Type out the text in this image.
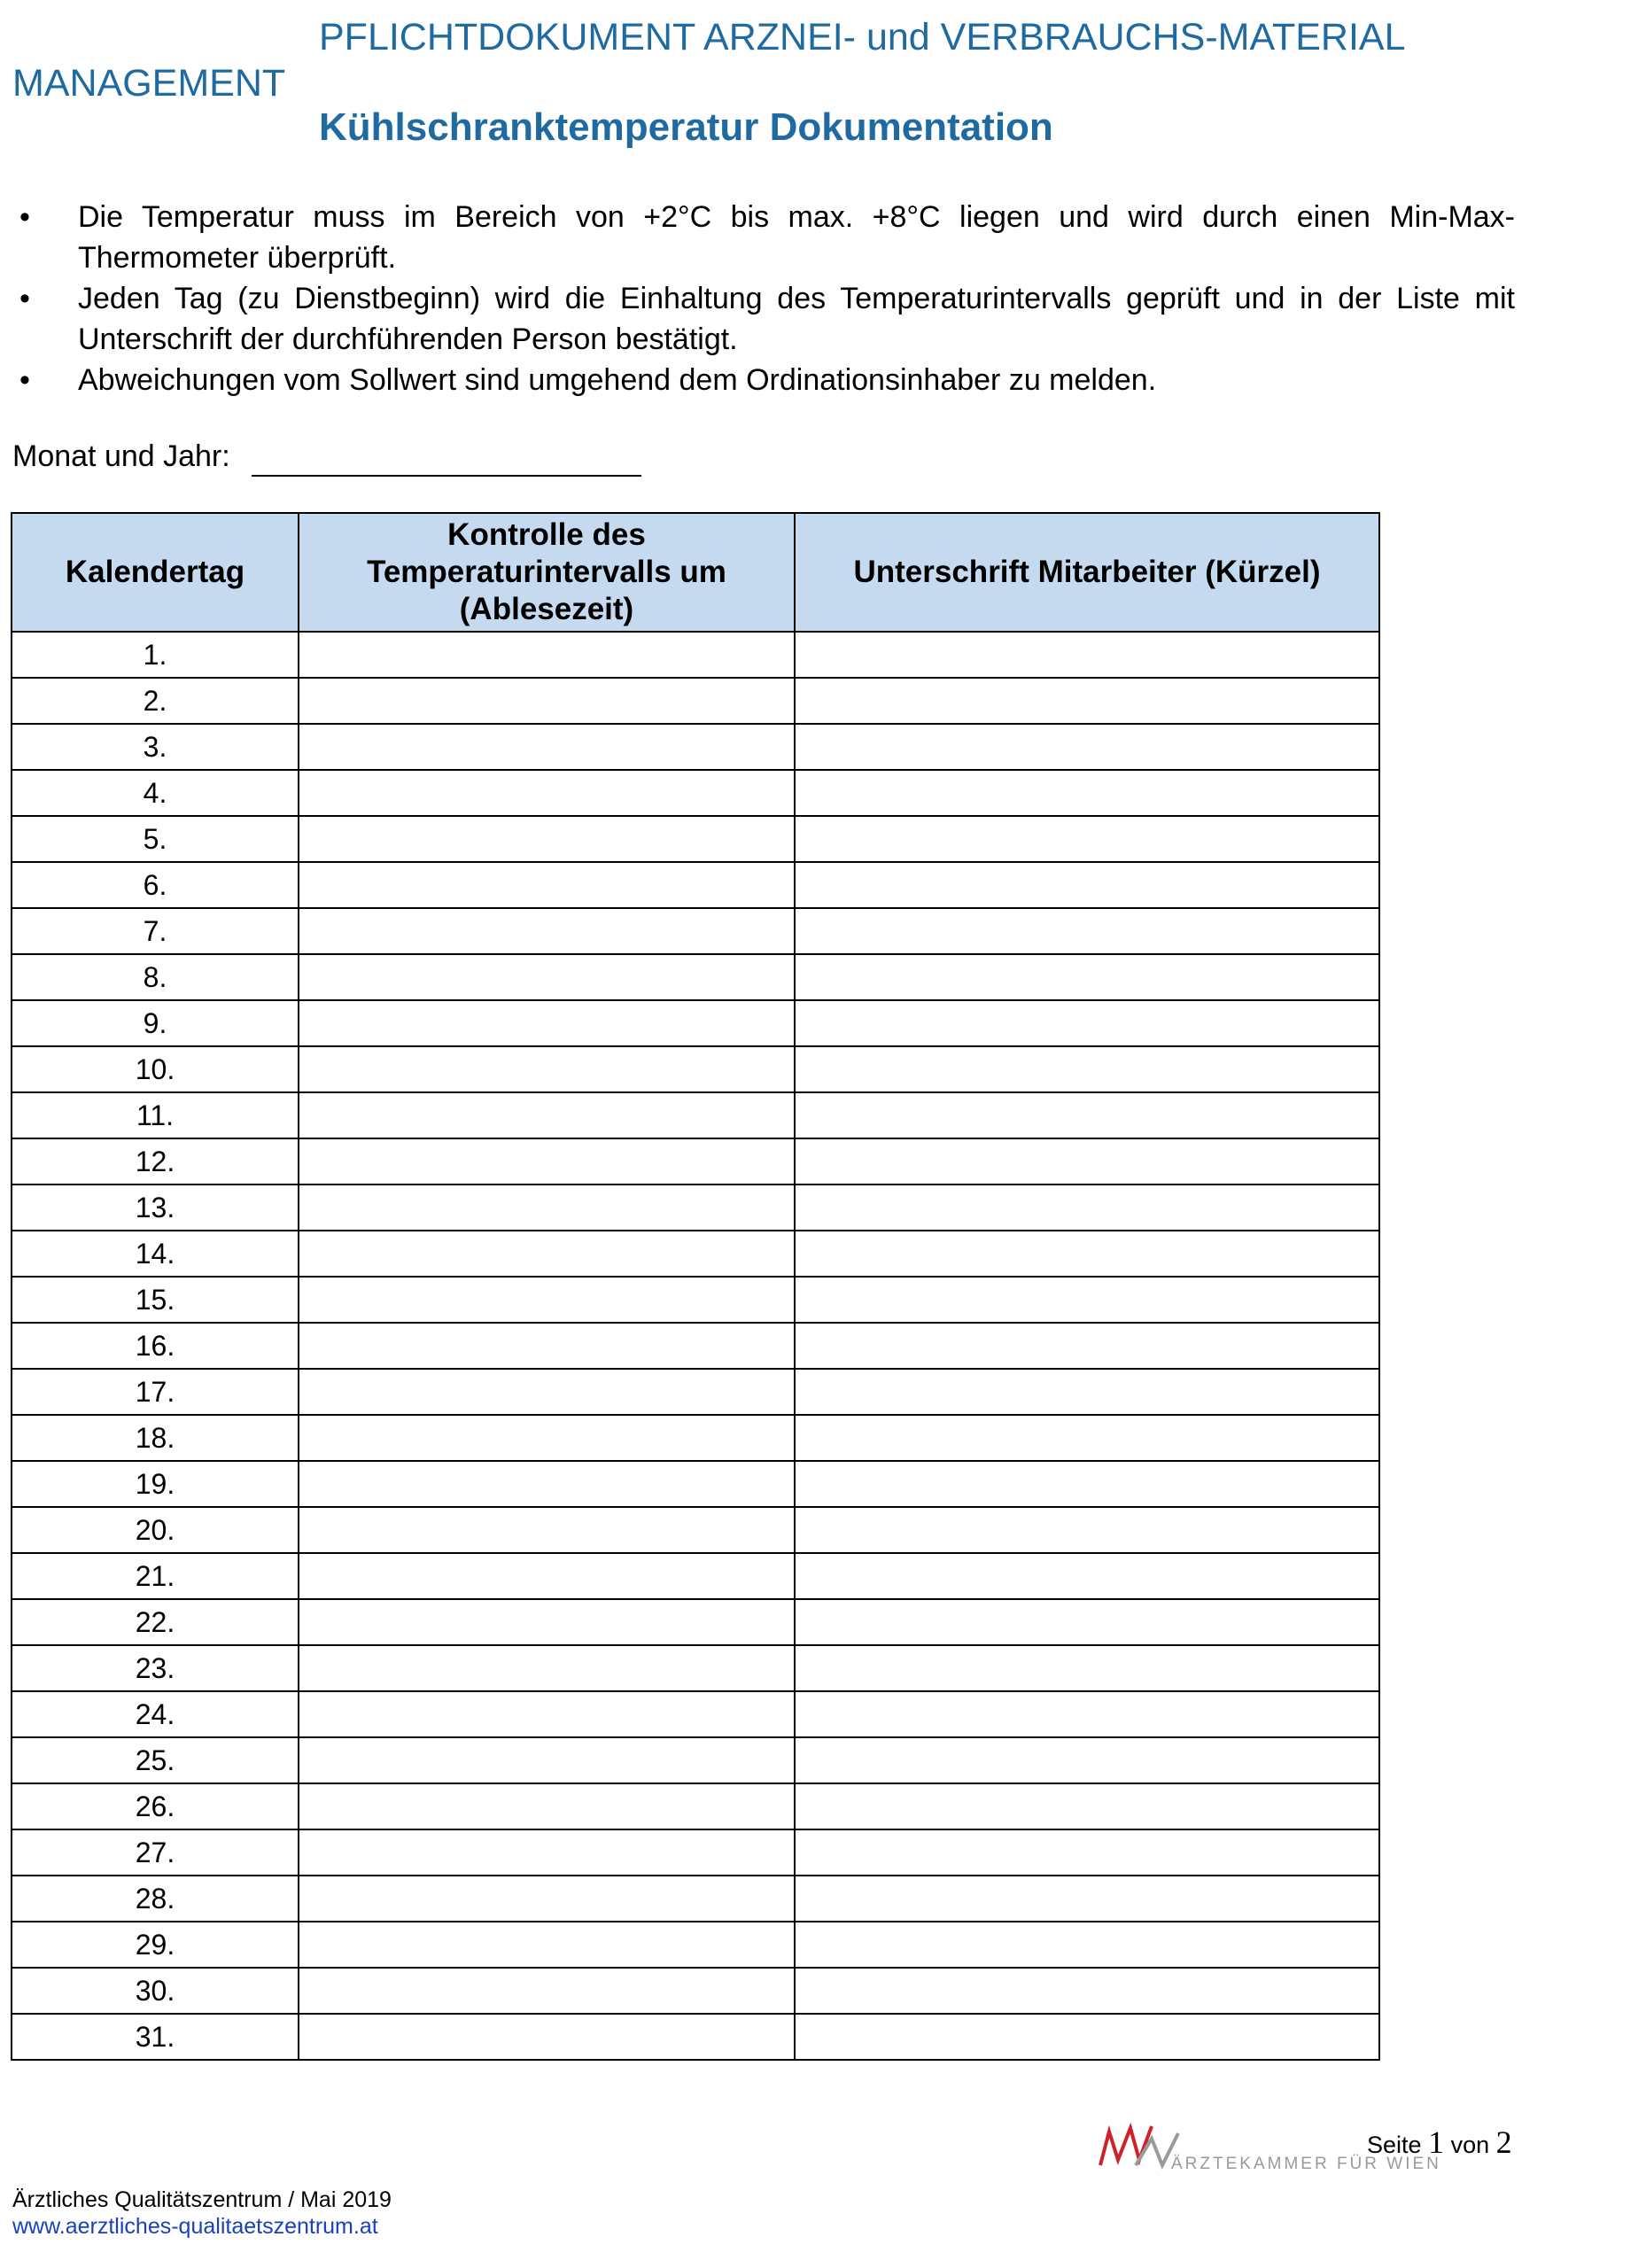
PFLICHTDOKUMENT ARZNEI- und VERBRAUCHS-MATERIAL
MANAGEMENT
Kühlschranktemperatur Dokumentation
•	Die Temperatur muss im Bereich von +2°C bis max. +8°C liegen und wird durch einen Min-Max-Thermometer überprüft.
•	Jeden Tag (zu Dienstbeginn) wird die Einhaltung des Temperaturintervalls geprüft und in der Liste mit Unterschrift der durchführenden Person bestätigt.
•	Abweichungen vom Sollwert sind umgehend dem Ordinationsinhaber zu melden.
Monat und Jahr:
Kalendertag	Kontrolle des Temperaturintervalls um (Ablesezeit)	Unterschrift Mitarbeiter (Kürzel)
1.		
2.		
3.		
4.		
5.		
6.		
7.		
8.		
9.		
10.		
11.		
12.		
13.		
14.		
15.		
16.		
17.		
18.		
19.		
20.		
21.		
22.		
23.		
24.		
25.		
26.		
27.		
28.		
29.		
30.		
31.		
ÄRZTEKAMMER FÜR WIEN
Seite 1 von 2
Ärztliches Qualitätszentrum / Mai 2019
www.aerztliches-qualitaetszentrum.at
